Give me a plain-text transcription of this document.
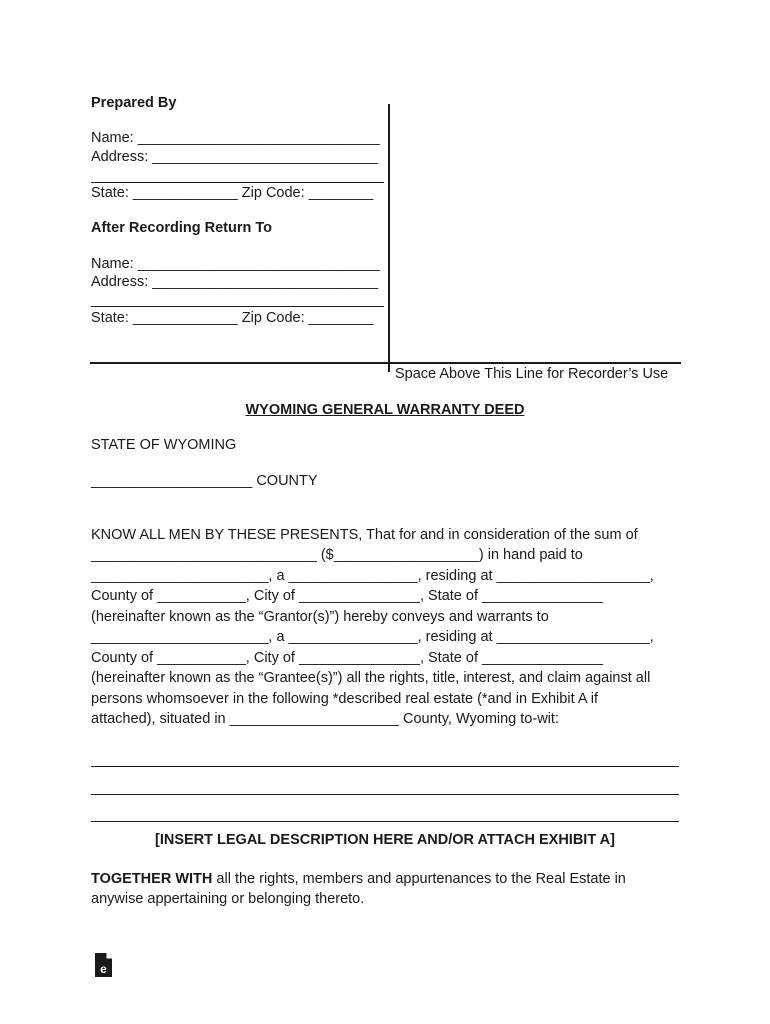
Prepared By
Name: ______________________________
Address: ____________________________
State: _____________ Zip Code: ________
After Recording Return To
Name: ______________________________
Address: ____________________________
State: _____________ Zip Code: ________
Space Above This Line for Recorder’s Use
WYOMING GENERAL WARRANTY DEED
STATE OF WYOMING
____________________ COUNTY
KNOW ALL MEN BY THESE PRESENTS, That for and in consideration of the sum of
____________________________ ($__________________) in hand paid to
______________________, a ________________, residing at ___________________,
County of ___________, City of _______________, State of _______________
(hereinafter known as the “Grantor(s)”) hereby conveys and warrants to
______________________, a ________________, residing at ___________________,
County of ___________, City of _______________, State of _______________
(hereinafter known as the “Grantee(s)”) all the rights, title, interest, and claim against all
persons whomsoever in the following *described real estate (*and in Exhibit A if
attached), situated in _____________________ County, Wyoming to-wit:
[INSERT LEGAL DESCRIPTION HERE AND/OR ATTACH EXHIBIT A]
TOGETHER WITH all the rights, members and appurtenances to the Real Estate in
anywise appertaining or belonging thereto.
e
